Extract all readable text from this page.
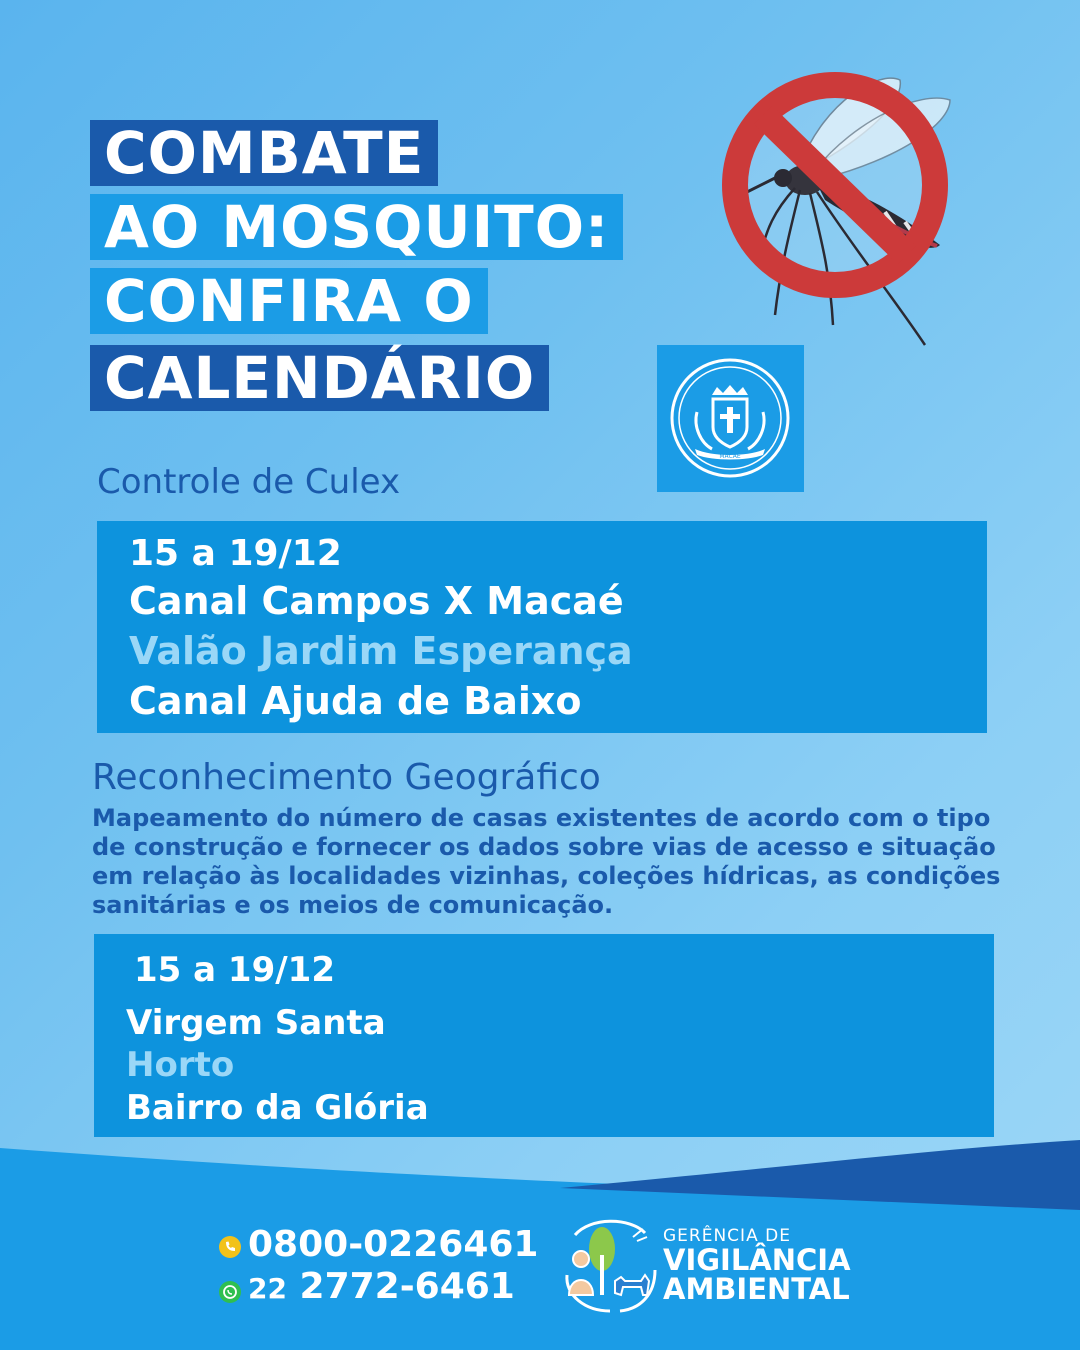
COMBATE
AO MOSQUITO:
CONFIRA O
CALENDÁRIO
MACAÉ
Controle de Culex
15 a 19/12
Canal Campos X Macaé
Valão Jardim Esperança
Canal Ajuda de Baixo
Reconhecimento Geográfico
Mapeamento do número de casas existentes de acordo com o tipo de construção e fornecer os dados sobre vias de acesso e situação em relação às localidades vizinhas, coleções hídricas, as condições sanitárias e os meios de comunicação.
15 a 19/12
Virgem Santa
Horto
Bairro da Glória
0800-0226461
22 2772-6461
GERÊNCIA DE
VIGILÂNCIA
AMBIENTAL
